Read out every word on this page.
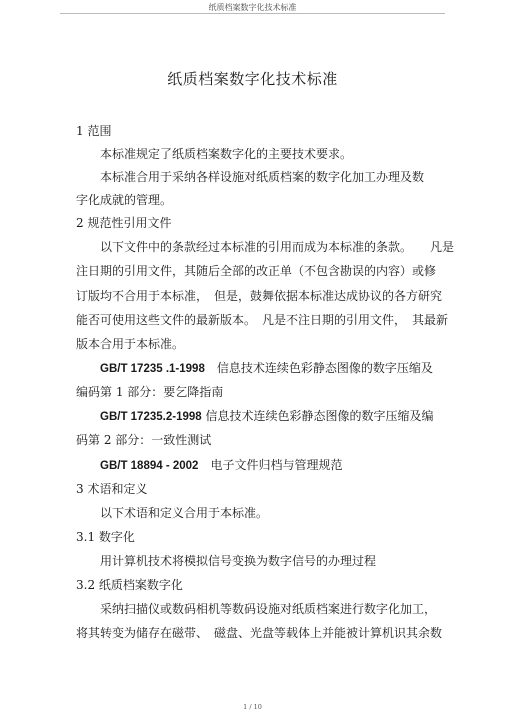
纸质档案数字化技术标准
纸质档案数字化技术标准
1 范围
本标准规定了纸质档案数字化的主要技术要求。
本标准合用于采纳各样设施对纸质档案的数字化加工办理及数
字化成就的管理。
2 规范性引用文件
以下文件中的条款经过本标准的引用而成为本标准的条款。　　凡是
注日期的引用文件，其随后全部的改正单（不包含勘误的内容）或修
订版均不合用于本标准，　但是，鼓舞依据本标准达成协议的各方研究
能否可使用这些文件的最新版本。　凡是不注日期的引用文件，　其最新
版本合用于本标准。
GB/T 17235 .1-1998　信息技术连续色彩静态图像的数字压缩及
编码第 1 部分：要乞降指南
GB/T 17235.2-1998 信息技术连续色彩静态图像的数字压缩及编
码第 2 部分：一致性测试
GB/T 18894 - 2002　电子文件归档与管理规范
3 术语和定义
以下术语和定义合用于本标准。
3.1 数字化
用计算机技术将模拟信号变换为数字信号的办理过程
3.2 纸质档案数字化
采纳扫描仪或数码相机等数码设施对纸质档案进行数字化加工，
将其转变为储存在磁带、　磁盘、光盘等载体上并能被计算机识其余数
1 / 10
